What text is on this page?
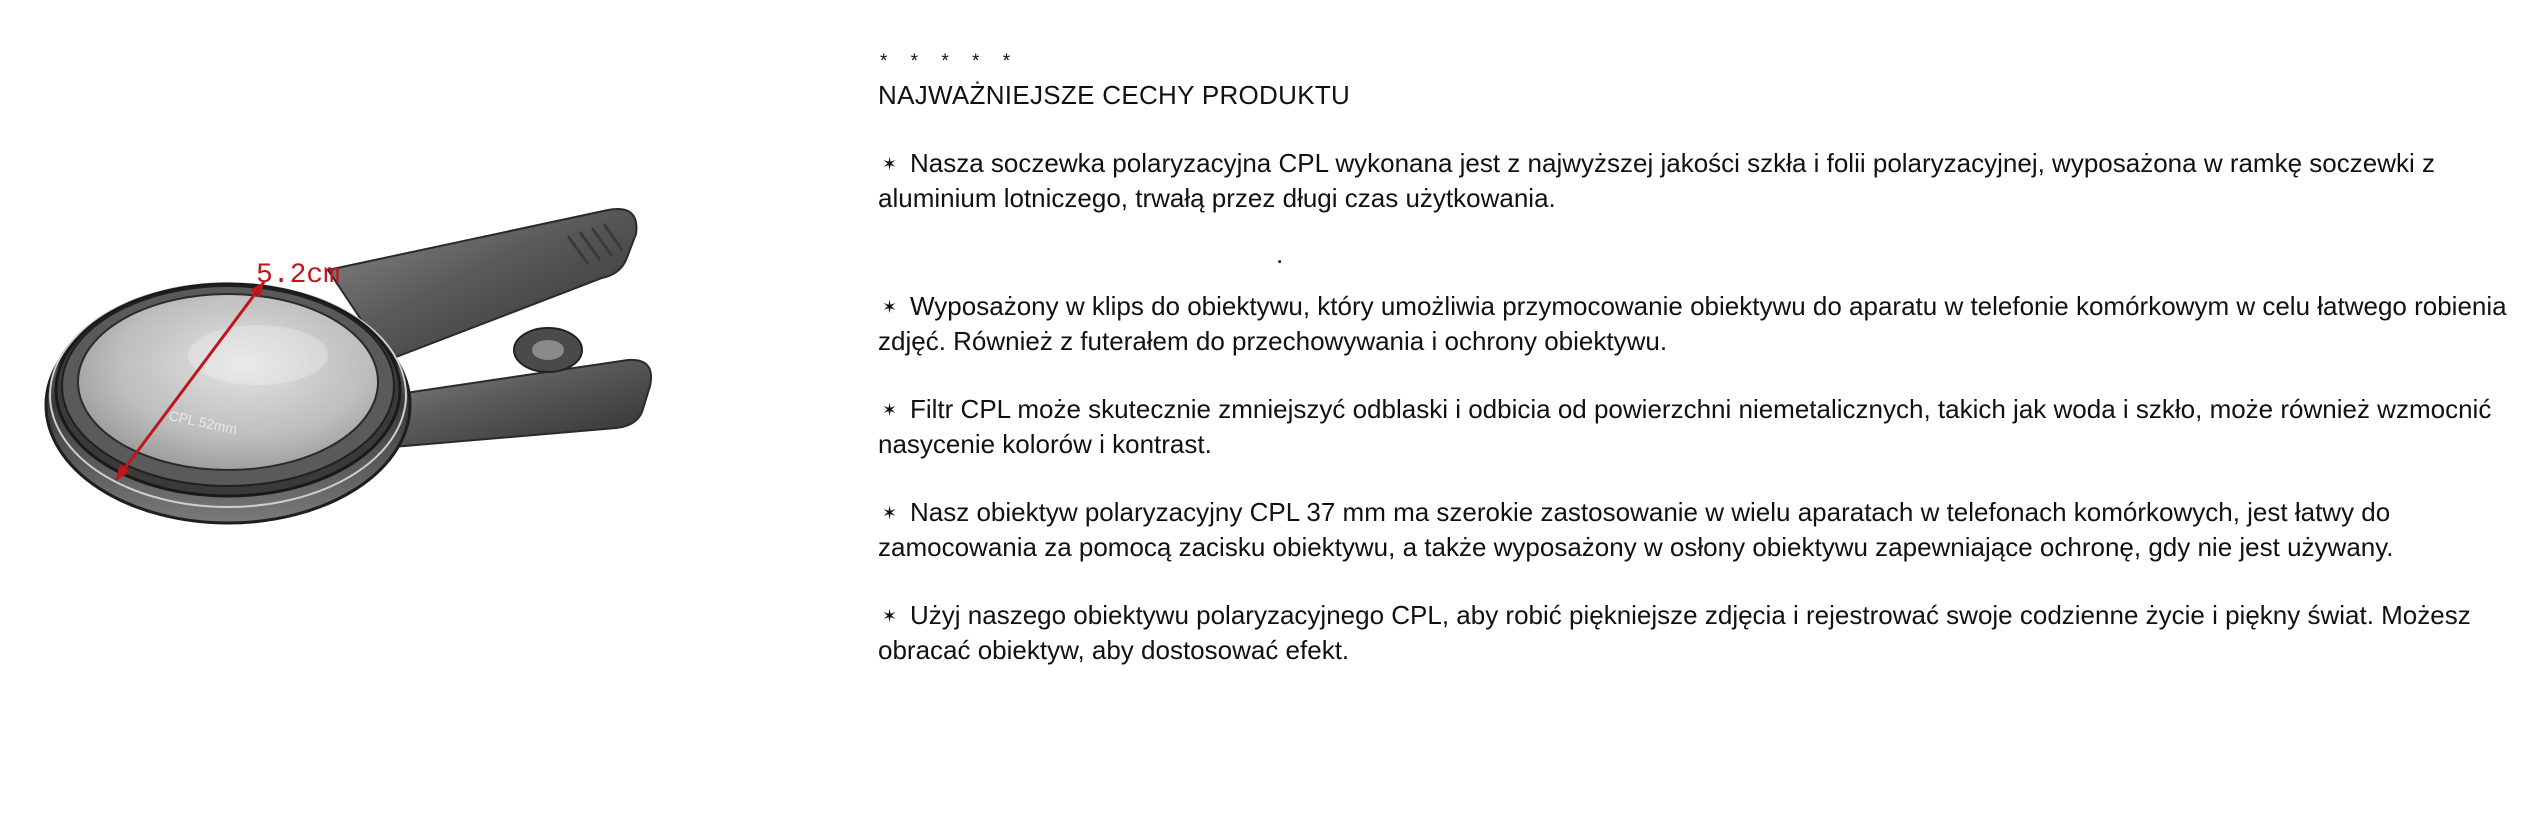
CPL 52mm
5.2cm
* * * * *
NAJWAŻNIEJSZE CECHY PRODUKTU

✶ Nasza soczewka polaryzacyjna CPL wykonana jest z najwyższej jakości szkła i folii polaryzacyjnej, wyposażona w ramkę soczewki z aluminium lotniczego, trwałą przez długi czas użytkowania.

.

✶ Wyposażony w klips do obiektywu, który umożliwia przymocowanie obiektywu do aparatu w telefonie komórkowym w celu łatwego robienia zdjęć. Również z futerałem do przechowywania i ochrony obiektywu.

✶ Filtr CPL może skutecznie zmniejszyć odblaski i odbicia od powierzchni niemetalicznych, takich jak woda i szkło, może również wzmocnić nasycenie kolorów i kontrast.

✶ Nasz obiektyw polaryzacyjny CPL 37 mm ma szerokie zastosowanie w wielu aparatach w telefonach komórkowych, jest łatwy do zamocowania za pomocą zacisku obiektywu, a także wyposażony w osłony obiektywu zapewniające ochronę, gdy nie jest używany.

✶ Użyj naszego obiektywu polaryzacyjnego CPL, aby robić piękniejsze zdjęcia i rejestrować swoje codzienne życie i piękny świat. Możesz obracać obiektyw, aby dostosować efekt.
